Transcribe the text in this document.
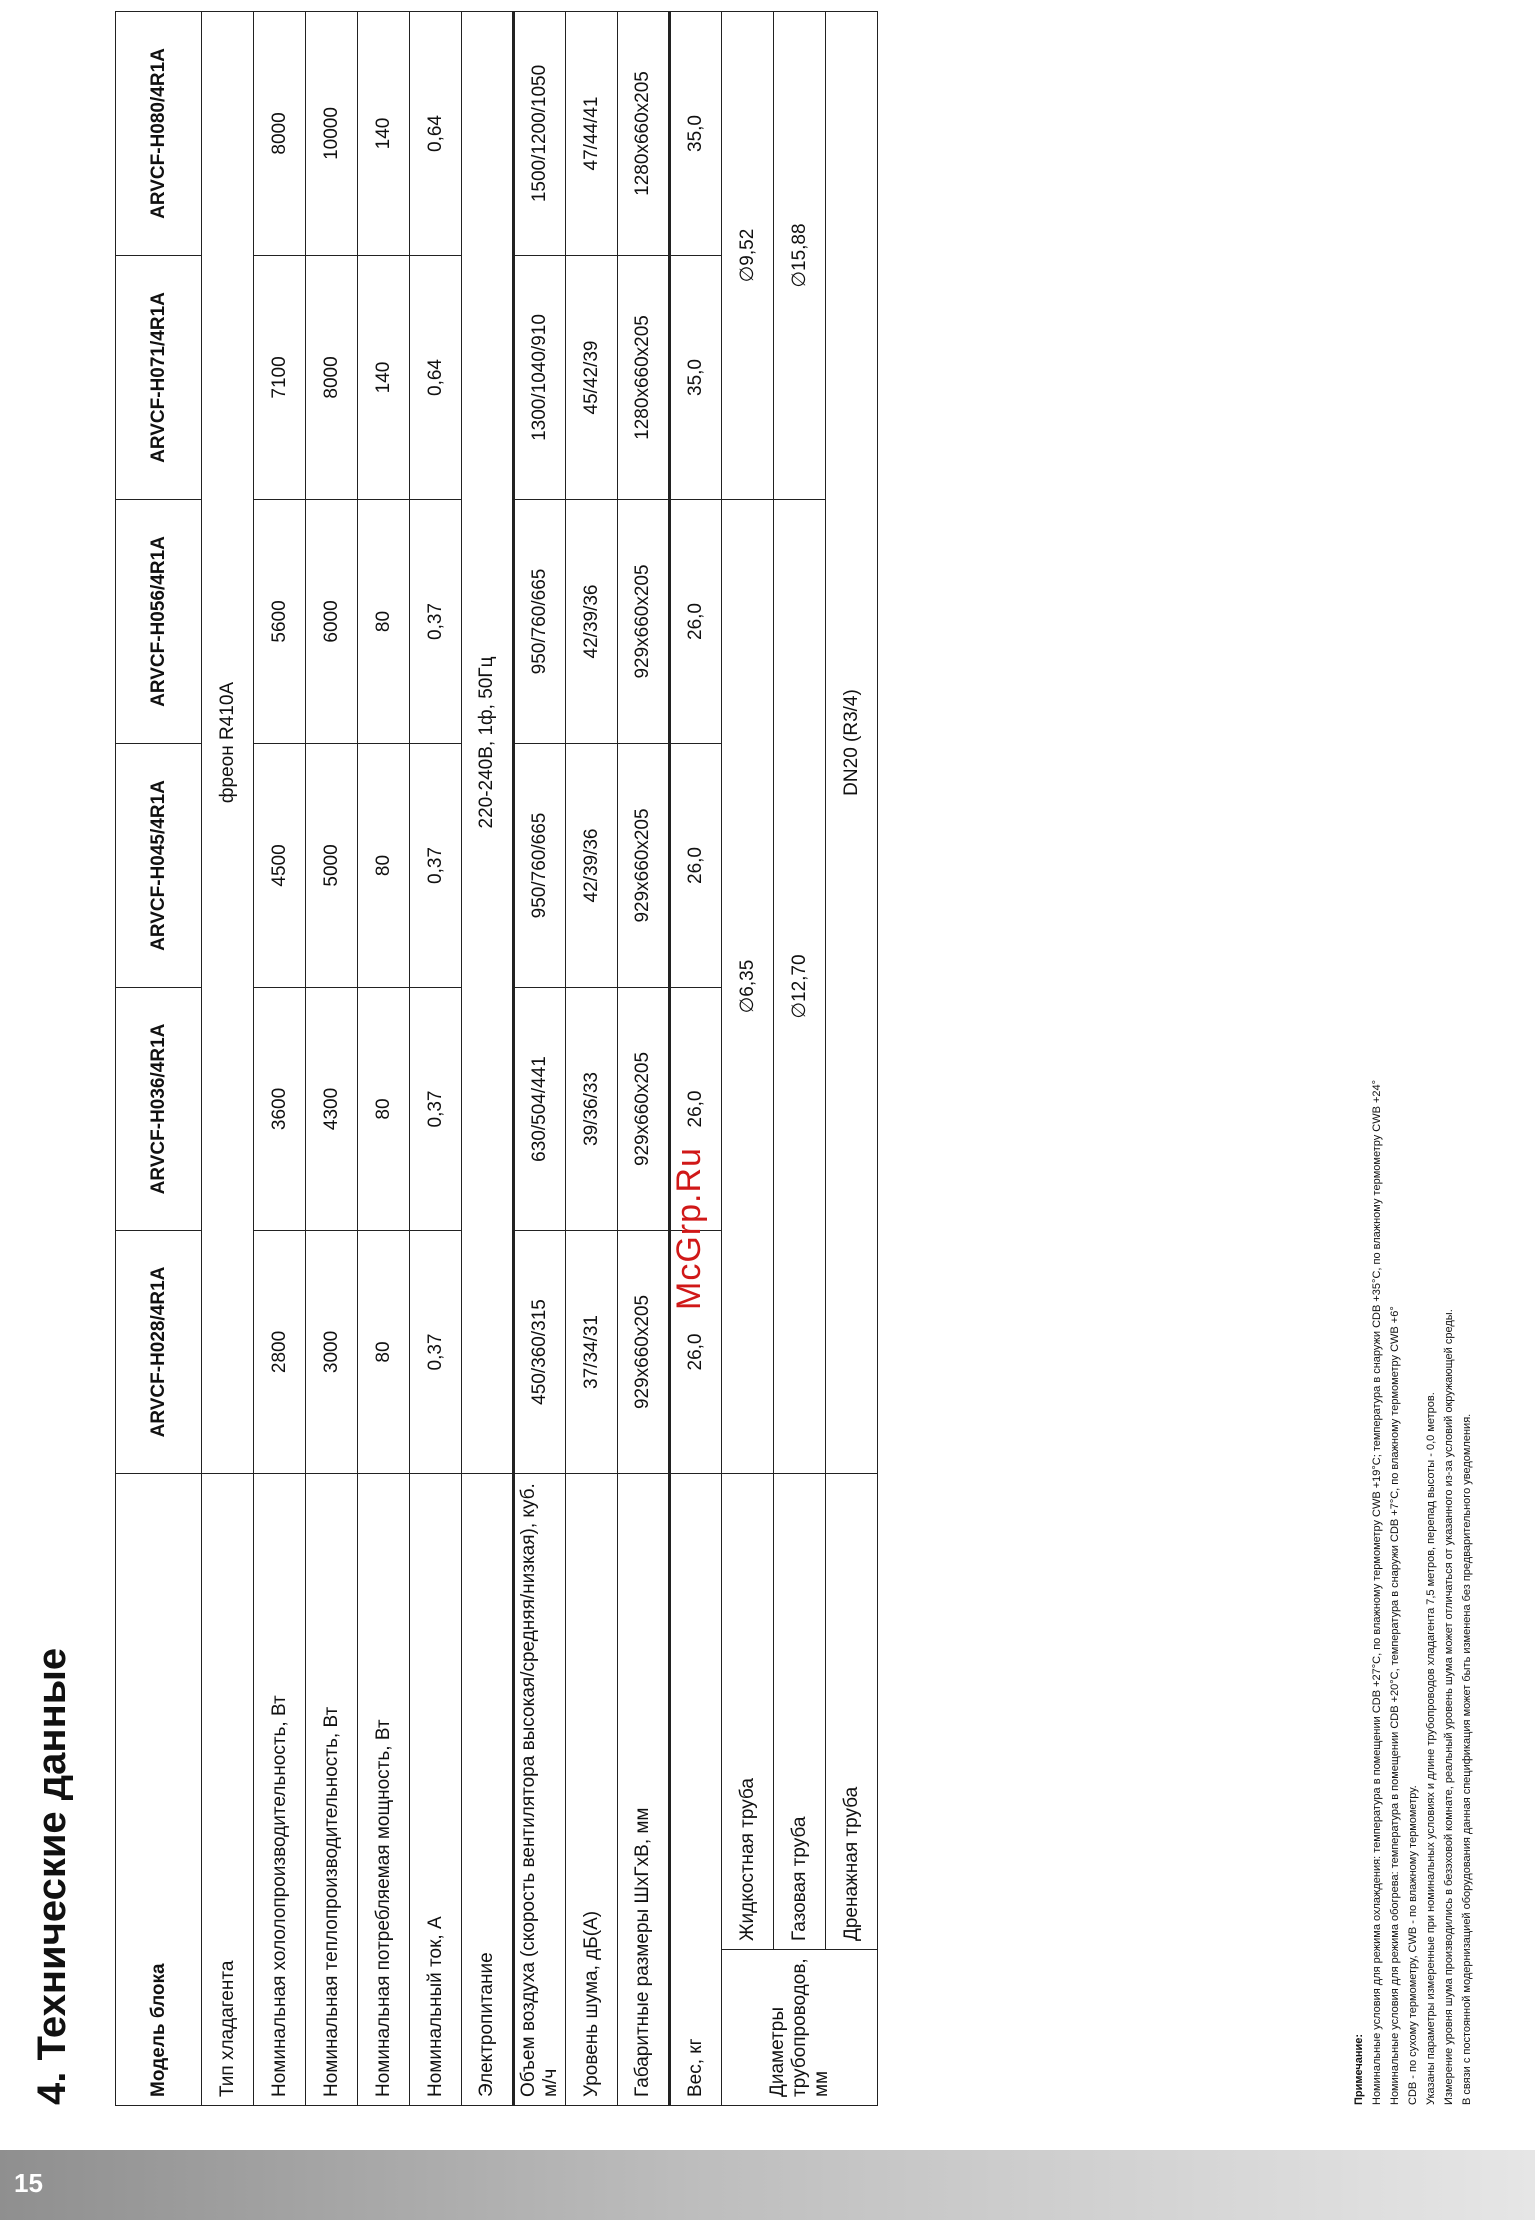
15
4. Технические данные	Модель блока		ARVCF-H028/4R1A	ARVCF-H036/4R1A	ARVCF-H045/4R1A	ARVCF-H056/4R1A	ARVCF-H071/4R1A	ARVCF-H080/4R1A
Тип хладагента		фреон R410A					
Номинальная хололопроизводительность, Вт		2800	3600	4500	5600	7100	8000
Номинальная теплопроизводительность, Вт		3000	4300	5000	6000	8000	10000
Номинальная потребляемая мощность, Вт		80	80	80	80	140	140
Номинальный ток, А		0,37	0,37	0,37	0,37	0,64	0,64
Электропитание		220-240В, 1ф, 50Гц					
Объем воздуха (скорость вентилятора высокая/средняя/низкая), куб. м/ч		450/360/315	630/504/441	950/760/665	950/760/665	1300/1040/910	1500/1200/1050
Уровень шума, дБ(А)		37/34/31	39/36/33	42/39/36	42/39/36	45/42/39	47/44/41
Габаритные размеры ШхГхВ, мм		929x660x205	929x660x205	929x660x205	929x660x205	1280x660x205	1280x660x205
Вес, кг		26,0	26,0	26,0	26,0	35,0	35,0
Диаметры трубопроводов, мм	Жидкостная труба	∅6,35				∅9,52	
	Газовая труба	∅12,70				∅15,88	
	Дренажная труба	DN20 (R3/4)					
McGrp.Ru
Примечание: Номинальные условия для режима охлаждения: температура в помещении CDB +27°C, по влажному термометру CWB +19°C; температура в снаружи CDB +35°C, по влажному термометру CWB +24° Номинальные условия для режима обогрева: температура в помещении CDB +20°C, температура в снаружи CDB +7°C, по влажному термометру CWB +6° CDB - по сухому термометру, CWB - по влажному термометру. Указаны параметры измеренные при номинальных условиях и длине трубопроводов хладагента 7,5 метров, перепад высоты - 0,0 метров. Измерение уровня шума производились в безэховой комнате, реальный уровень шума может отличаться от указанного из-за условий окружающей среды. В связи с постоянной модернизацией оборудования данная спецификация может быть изменена без предварительного уведомления.
